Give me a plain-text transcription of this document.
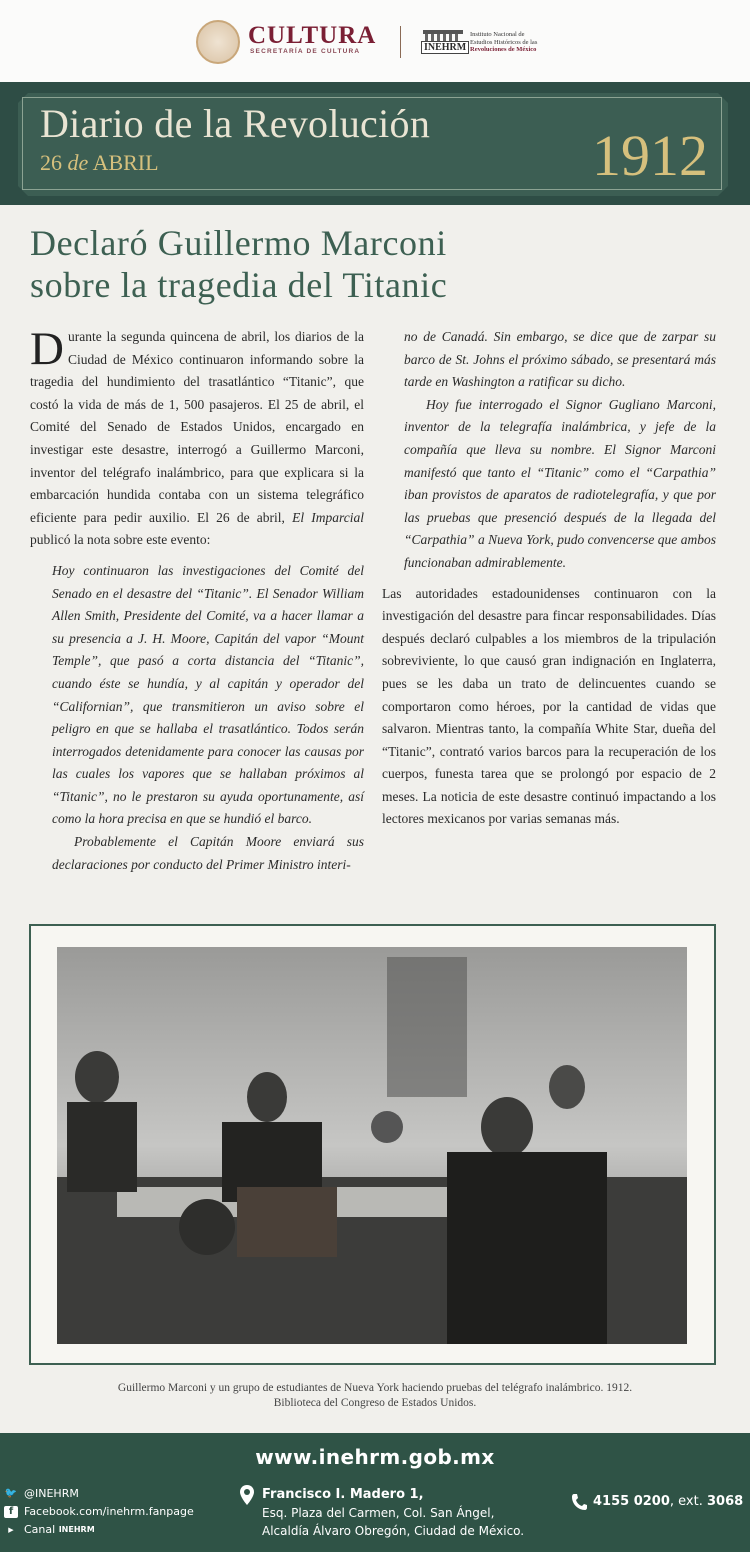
CULTURA
SECRETARÍA DE CULTURA	INEHRM
Instituto Nacional de
Estudios Históricos de las
Revoluciones de México
Diario de la Revolución
26 de ABRIL	1912
Declaró Guillermo Marconi
sobre la tragedia del Titanic

Durante la segunda quincena de abril, los diarios de la Ciudad de México continuaron informando sobre la tragedia del hundimiento del trasatlántico “Titanic”, que costó la vida de más de 1, 500 pasajeros. El 25 de abril, el Comité del Senado de Estados Unidos, encargado en investigar este desastre, interrogó a Guillermo Marconi, inventor del telégrafo inalámbrico, para que explicara si la embarcación hundida contaba con un sistema telegráfico eficiente para pedir auxilio. El 26 de abril, El Imparcial publicó la nota sobre este evento:

Hoy continuaron las investigaciones del Comité del Senado en el desastre del “Titanic”. El Senador William Allen Smith, Presidente del Comité, va a hacer llamar a su presencia a J. H. Moore, Capitán del vapor “Mount Temple”, que pasó a corta distancia del “Titanic”, cuando éste se hundía, y al capitán y operador del “Californian”, que transmitieron un aviso sobre el peligro en que se hallaba el trasatlántico. Todos serán interrogados detenidamente para conocer las causas por las cuales los vapores que se hallaban próximos al “Titanic”, no le prestaron su ayuda oportunamente, así como la hora precisa en que se hundió el barco.

Probablemente el Capitán Moore enviará sus declaraciones por conducto del Primer Ministro interi-

no de Canadá. Sin embargo, se dice que de zarpar su barco de St. Johns el próximo sábado, se presentará más tarde en Washington a ratificar su dicho.

Hoy fue interrogado el Signor Gugliano Marconi, inventor de la telegrafía inalámbrica, y jefe de la compañía que lleva su nombre. El Signor Marconi manifestó que tanto el “Titanic” como el “Carpathia” iban provistos de aparatos de radiotelegrafía, y que por las pruebas que presenció después de la llegada del “Carpathia” a Nueva York, pudo convencerse que ambos funcionaban admirablemente.

Las autoridades estadounidenses continuaron con la investigación del desastre para fincar responsabilidades. Días después declaró culpables a los miembros de la tripulación sobreviviente, lo que causó gran indignación en Inglaterra, pues se les daba un trato de delincuentes cuando se comportaron como héroes, por la cantidad de vidas que salvaron. Mientras tanto, la compañía White Star, dueña del “Titanic”, contrató varios barcos para la recuperación de los cuerpos, funesta tarea que se prolongó por espacio de 2 meses. La noticia de este desastre continuó impactando a los lectores mexicanos por varias semanas más.

Guillermo Marconi y un grupo de estudiantes de Nueva York haciendo pruebas del telégrafo inalámbrico. 1912.
Biblioteca del Congreso de Estados Unidos.
www.inehrm.gob.mx
🐦 @INEHRM
f Facebook.com/inehrm.fanpage
▶ Canal
INEHRM
Francisco I. Madero 1,
Esq. Plaza del Carmen, Col. San Ángel,
Alcaldía Álvaro Obregón, Ciudad de México.
4155 0200, ext. 3068
